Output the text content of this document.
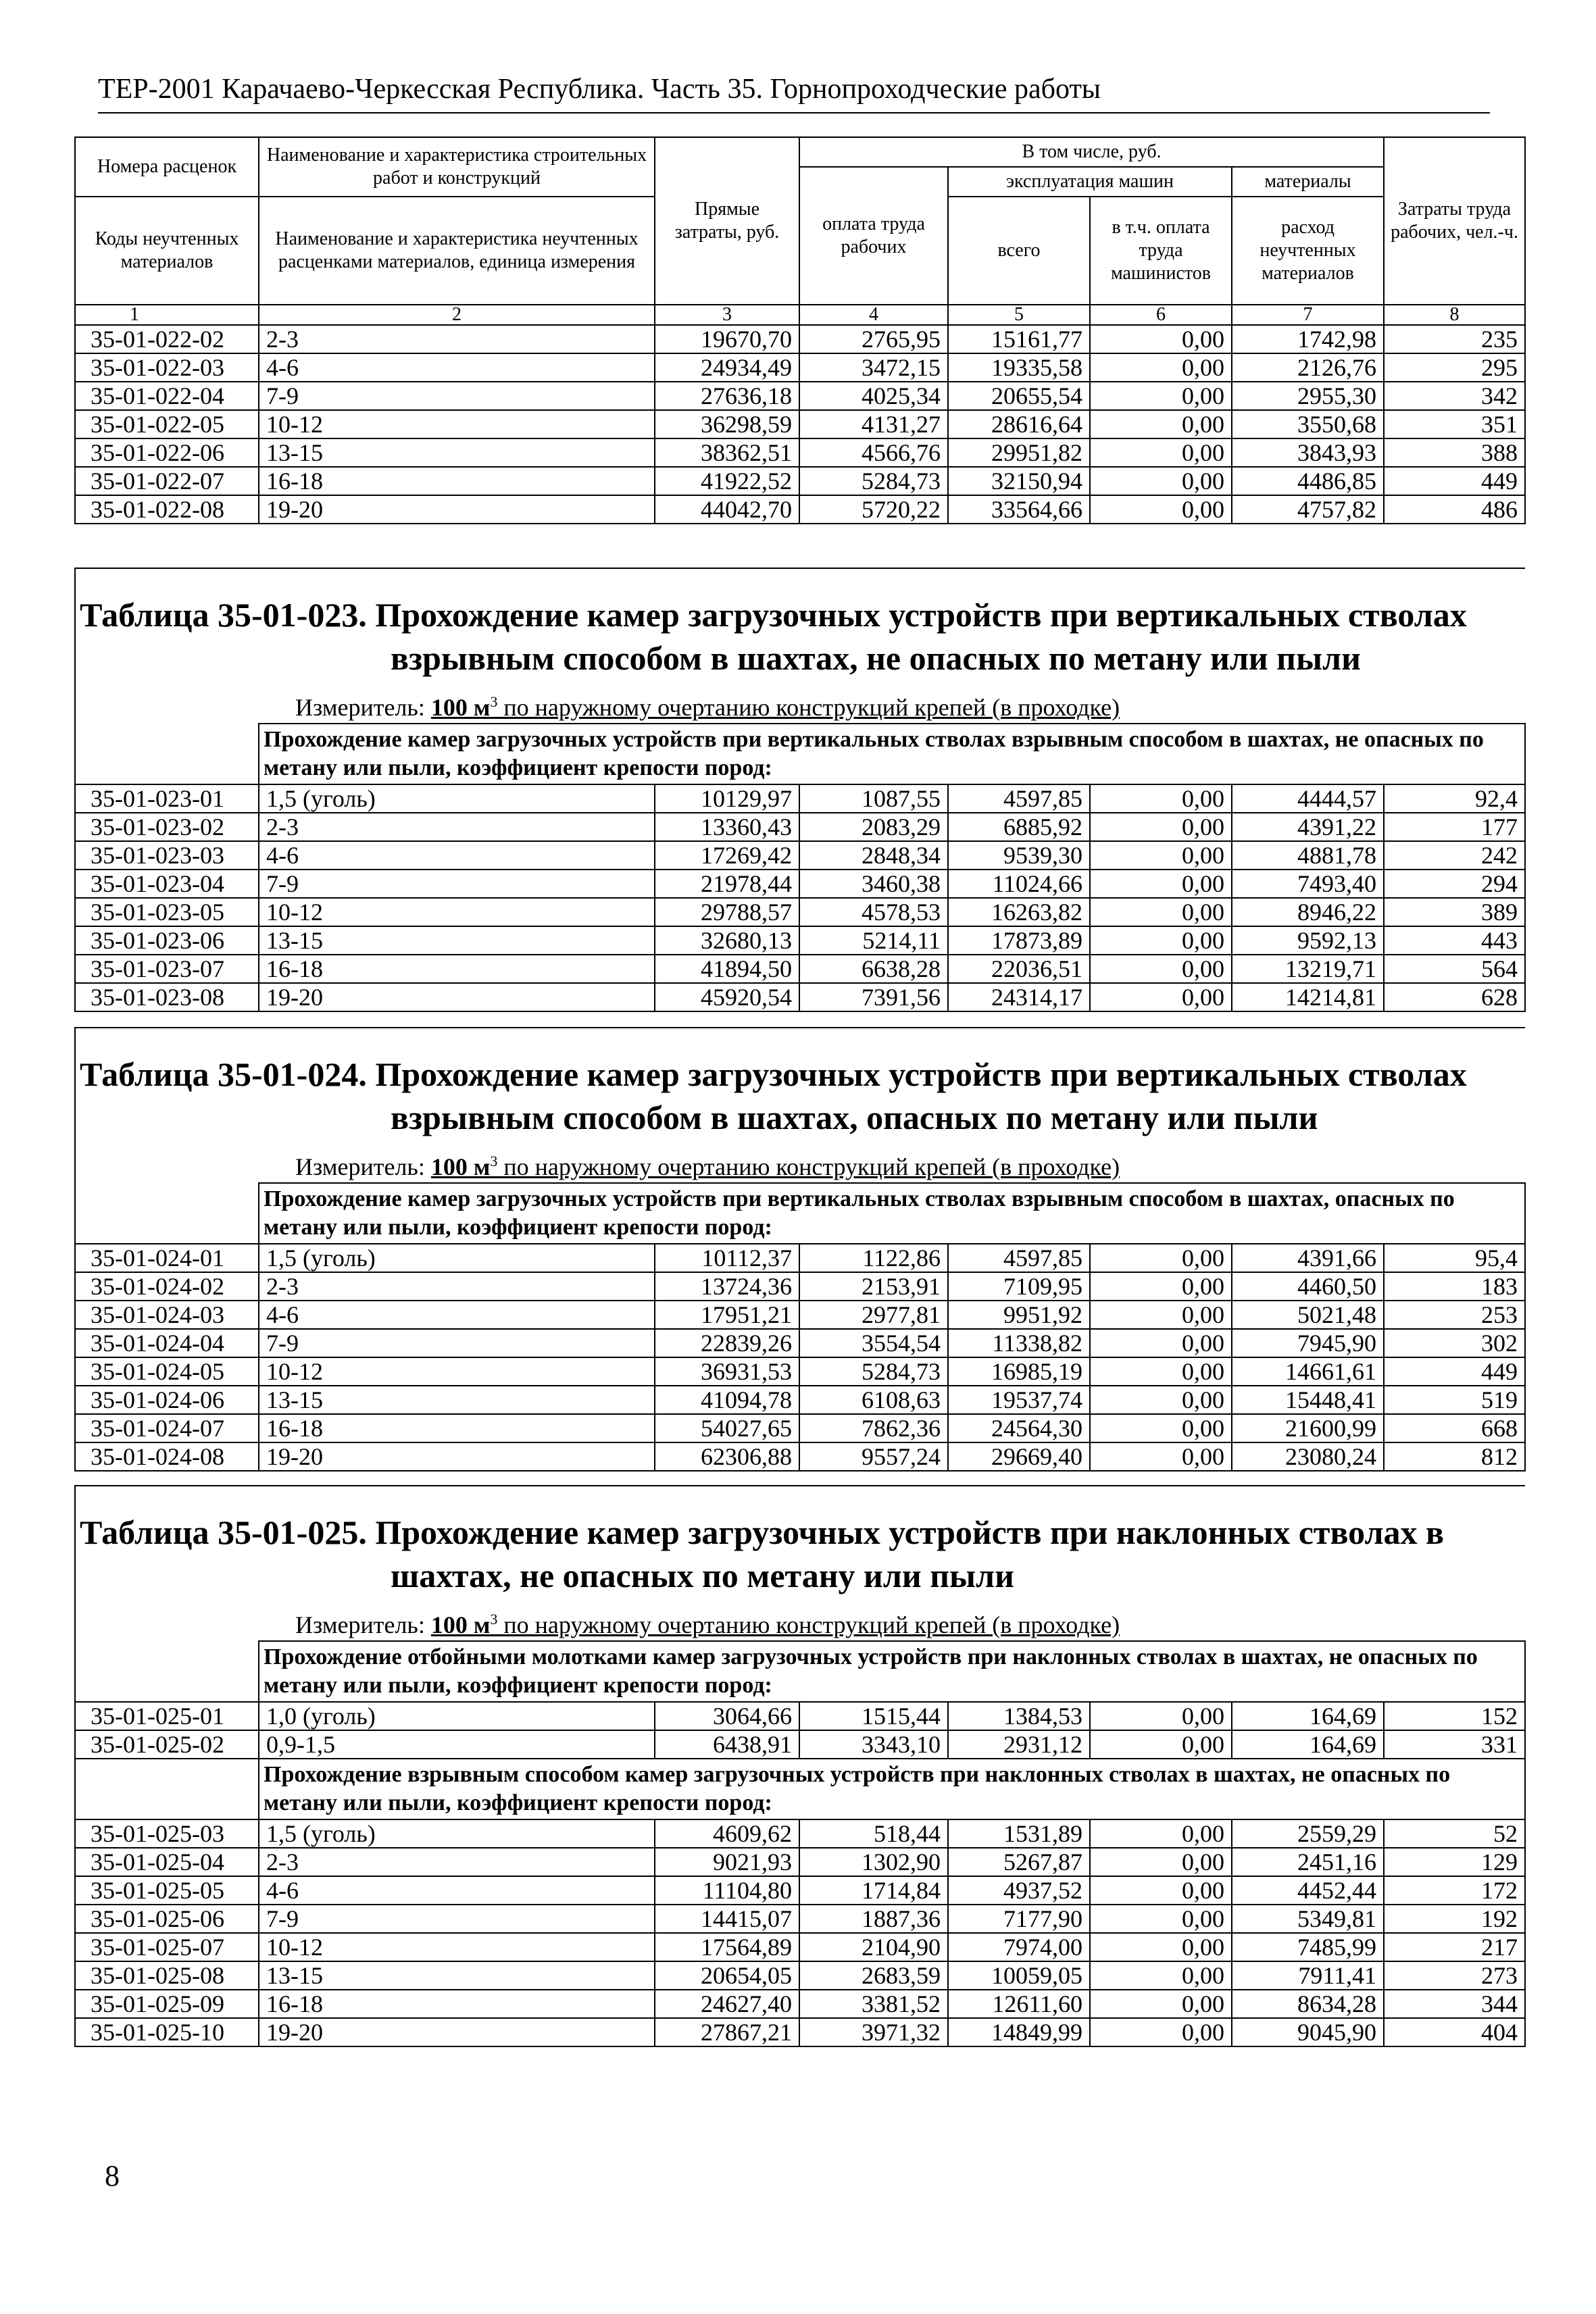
ТЕР-2001 Карачаево-Черкесская Республика. Часть 35. Горнопроходческие работы
Номера расценок	Наименование и характеристика строительных работ и конструкций	Прямые затраты, руб.	В том числе, руб.				Затраты труда рабочих, чел.-ч.
			оплата труда рабочих	эксплуатация машин		материалы	
Коды неучтенных материалов	Наименование и характеристика неучтенных расценками материалов, единица измерения			всего	в т.ч. оплата труда машинистов	расход неучтенных материалов	

1	2	3	4	5	6	7	8
35-01-022-02	2-3	19670,70	2765,95	15161,77	0,00	1742,98	235
35-01-022-03	4-6	24934,49	3472,15	19335,58	0,00	2126,76	295
35-01-022-04	7-9	27636,18	4025,34	20655,54	0,00	2955,30	342
35-01-022-05	10-12	36298,59	4131,27	28616,64	0,00	3550,68	351
35-01-022-06	13-15	38362,51	4566,76	29951,82	0,00	3843,93	388
35-01-022-07	16-18	41922,52	5284,73	32150,94	0,00	4486,85	449
35-01-022-08	19-20	44042,70	5720,22	33564,66	0,00	4757,82	486
Таблица 35-01-023. Прохождение камер загрузочных устройств при вертикальных стволах
взрывным способом в шахтах, не опасных по метану или пыли							

Измеритель: 100 $м^3$ по наружному очертанию конструкций крепей (в проходке)							
	Прохождение камер загрузочных устройств при вертикальных стволах взрывным способом в шахтах, не опасных по метану или пыли, коэффициент крепости пород:						
35-01-023-01	1,5 (уголь)	10129,97	1087,55	4597,85	0,00	4444,57	92,4
35-01-023-02	2-3	13360,43	2083,29	6885,92	0,00	4391,22	177
35-01-023-03	4-6	17269,42	2848,34	9539,30	0,00	4881,78	242
35-01-023-04	7-9	21978,44	3460,38	11024,66	0,00	7493,40	294
35-01-023-05	10-12	29788,57	4578,53	16263,82	0,00	8946,22	389
35-01-023-06	13-15	32680,13	5214,11	17873,89	0,00	9592,13	443
35-01-023-07	16-18	41894,50	6638,28	22036,51	0,00	13219,71	564
35-01-023-08	19-20	45920,54	7391,56	24314,17	0,00	14214,81	628
Таблица 35-01-024. Прохождение камер загрузочных устройств при вертикальных стволах
взрывным способом в шахтах, опасных по метану или пыли							

Измеритель: 100 $м^3$ по наружному очертанию конструкций крепей (в проходке)							
	Прохождение камер загрузочных устройств при вертикальных стволах взрывным способом в шахтах, опасных по метану или пыли, коэффициент крепости пород:						
35-01-024-01	1,5 (уголь)	10112,37	1122,86	4597,85	0,00	4391,66	95,4
35-01-024-02	2-3	13724,36	2153,91	7109,95	0,00	4460,50	183
35-01-024-03	4-6	17951,21	2977,81	9951,92	0,00	5021,48	253
35-01-024-04	7-9	22839,26	3554,54	11338,82	0,00	7945,90	302
35-01-024-05	10-12	36931,53	5284,73	16985,19	0,00	14661,61	449
35-01-024-06	13-15	41094,78	6108,63	19537,74	0,00	15448,41	519
35-01-024-07	16-18	54027,65	7862,36	24564,30	0,00	21600,99	668
35-01-024-08	19-20	62306,88	9557,24	29669,40	0,00	23080,24	812
Таблица 35-01-025. Прохождение камер загрузочных устройств при наклонных стволах в
шахтах, не опасных по метану или пыли							

Измеритель: 100 $м^3$ по наружному очертанию конструкций крепей (в проходке)							
	Прохождение отбойными молотками камер загрузочных устройств при наклонных стволах в шахтах, не опасных по метану или пыли, коэффициент крепости пород:						
35-01-025-01	1,0 (уголь)	3064,66	1515,44	1384,53	0,00	164,69	152
35-01-025-02	0,9-1,5	6438,91	3343,10	2931,12	0,00	164,69	331
	Прохождение взрывным способом камер загрузочных устройств при наклонных стволах в шахтах, не опасных по метану или пыли, коэффициент крепости пород:						
35-01-025-03	1,5 (уголь)	4609,62	518,44	1531,89	0,00	2559,29	52
35-01-025-04	2-3	9021,93	1302,90	5267,87	0,00	2451,16	129
35-01-025-05	4-6	11104,80	1714,84	4937,52	0,00	4452,44	172
35-01-025-06	7-9	14415,07	1887,36	7177,90	0,00	5349,81	192
35-01-025-07	10-12	17564,89	2104,90	7974,00	0,00	7485,99	217
35-01-025-08	13-15	20654,05	2683,59	10059,05	0,00	7911,41	273
35-01-025-09	16-18	24627,40	3381,52	12611,60	0,00	8634,28	344
35-01-025-10	19-20	27867,21	3971,32	14849,99	0,00	9045,90	404
8
